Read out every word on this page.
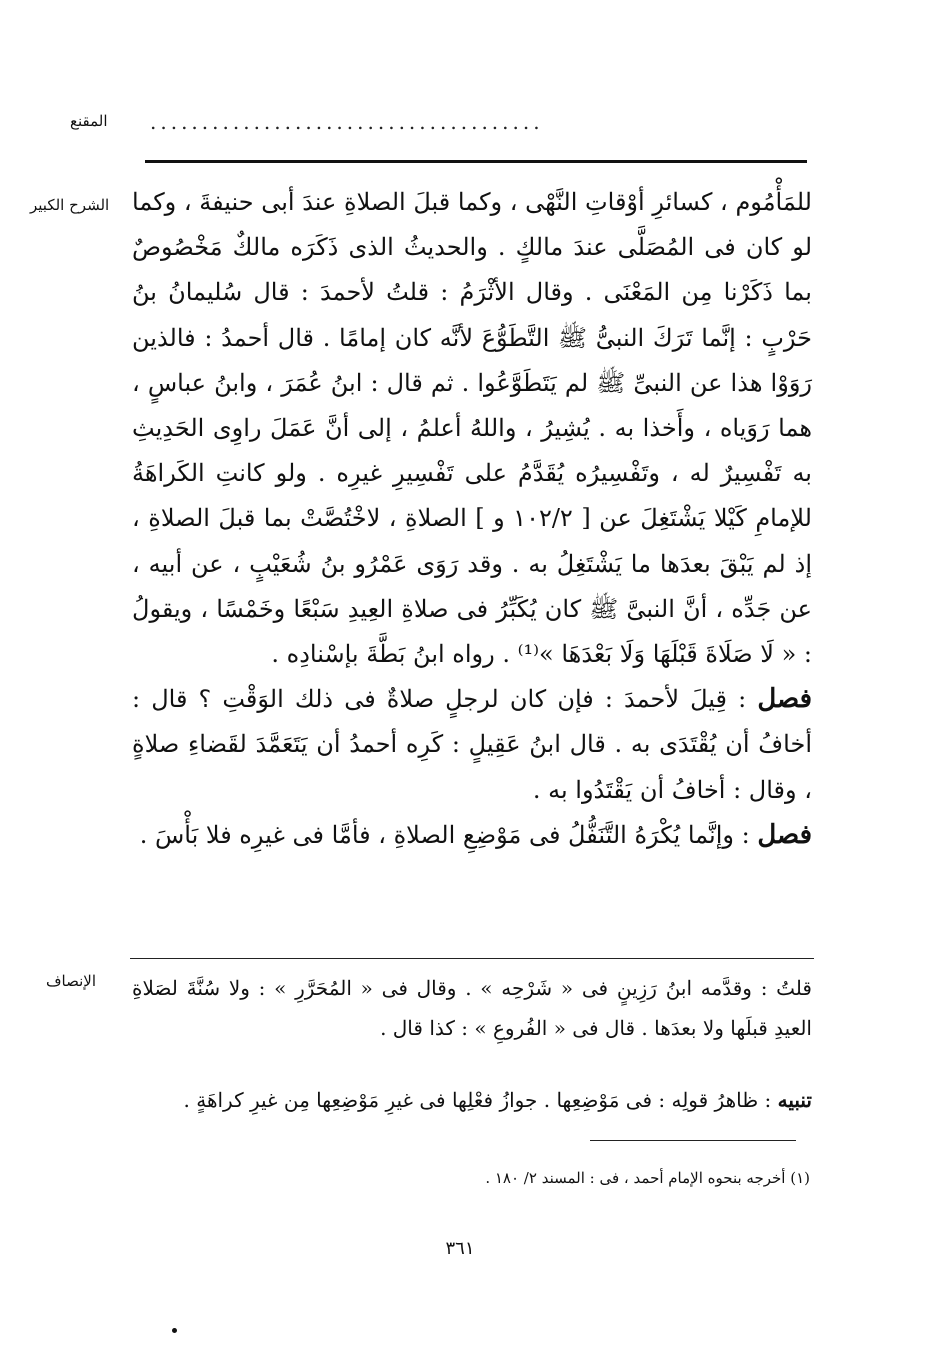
المقنع ......................................
الشرح الكبير للمَأْمُوم ، كسائرِ أوْقاتِ النَّهْى ، وكما قبلَ الصلاةِ عندَ أبى حنيفةَ ، وكما لو كان فى المُصَلَّى عندَ مالكٍ . والحديثُ الذى ذَكَرَه مالكٌ مَخْصُوصٌ بما ذَكَرْنا مِن المَعْنَى . وقال الأثْرَمُ : قلتُ لأحمدَ : قال سُليمانُ بنُ حَرْبٍ : إنَّما تَرَكَ النبىُّ ﷺ التَّطَوُّعَ لأنَّه كان إمامًا . قال أحمدُ : فالذين رَوَوْا هذا عن النبىِّ ﷺ لم يَتَطَوَّعُوا . ثم قال : ابنُ عُمَرَ ، وابنُ عباسٍ ، هما رَوَياه ، وأَخذا به . يُشِيرُ ، واللهُ أعلمُ ، إلى أنَّ عَمَلَ راوِى الحَدِيثِ به تَفْسِيرٌ له ، وتَفْسِيرُه يُقَدَّمُ على تَفْسِيرِ غيرِه . ولو كانتِ الكَراهَةُ للإمامِ كَيْلا يَشْتَغِلَ عن [ ١٠٢/٢ و ] الصلاةِ ، لاخْتُصَّتْ بما قبلَ الصلاةِ ، إذ لم يَبْقَ بعدَها ما يَشْتَغِلُ به . وقد رَوَى عَمْرُو بنُ شُعَيْبٍ ، عن أبيه ، عن جَدِّه ، أنَّ النبىَّ ﷺ كان يُكَبِّرُ فى صلاةِ العِيدِ سَبْعًا وخَمْسًا ، ويقولُ : « لَا صَلَاةَ قَبْلَهَا وَلَا بَعْدَهَا »⁽¹⁾ . رواه ابنُ بَطَّةَ بإسْنادِه .

فصل : قِيلَ لأحمدَ : فإن كان لرجلٍ صلاةٌ فى ذلك الوَقْتِ ؟ قال : أخافُ أن يُقْتَدَى به . قال ابنُ عَقِيلٍ : كَرِه أحمدُ أن يَتَعَمَّدَ لقَضاءِ صلاةٍ ، وقال : أخافُ أن يَقْتَدُوا به .

فصل : وإنَّما يُكْرَهُ التَّنَفُّلُ فى مَوْضِعِ الصلاةِ ، فأمَّا فى غيرِه فلا بَأْسَ .

الإنصاف قلتُ : وقدَّمه ابنُ رَزِينٍ فى « شَرْحِه » . وقال فى « المُحَرَّرِ » : ولا سُنَّةَ لصَلاةِ العيدِ قبلَها ولا بعدَها . قال فى « الفُروعِ » : كذا قال .

تنبيه : ظاهرُ قولِه : فى مَوْضِعِها . جوازُ فعْلِها فى غيرِ مَوْضِعِها مِن غيرِ كراهَةٍ .
(١) أخرجه بنحوه الإمام أحمد ، فى : المسند ٢/ ١٨٠ .
٣٦١
